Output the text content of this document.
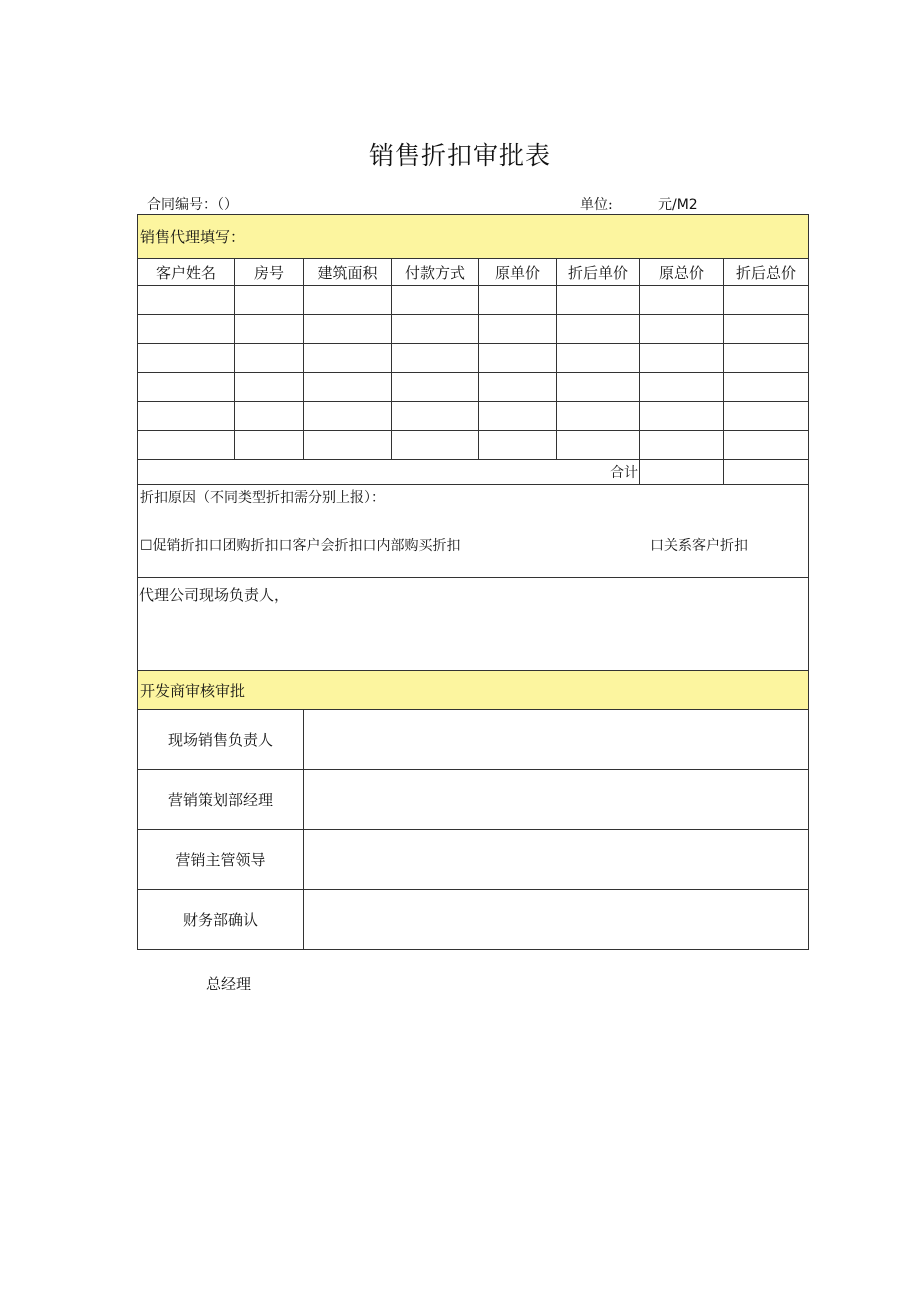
销售折扣审批表
合同编号：（）	单位:	元/M2
销售代理填写：							
客户姓名	房号	建筑面积	付款方式	原单价	折后单价	原总价	折后总价

合计							

折扣原因（不同类型折扣需分别上报）：
☐促销折扣口团购折扣口客户会折扣口内部购买折扣 口关系客户折扣							

代理公司现场负责人，							

开发商审核审批							
现场销售负责人							
营销策划部经理							
营销主管领导							
财务部确认							
总经理
